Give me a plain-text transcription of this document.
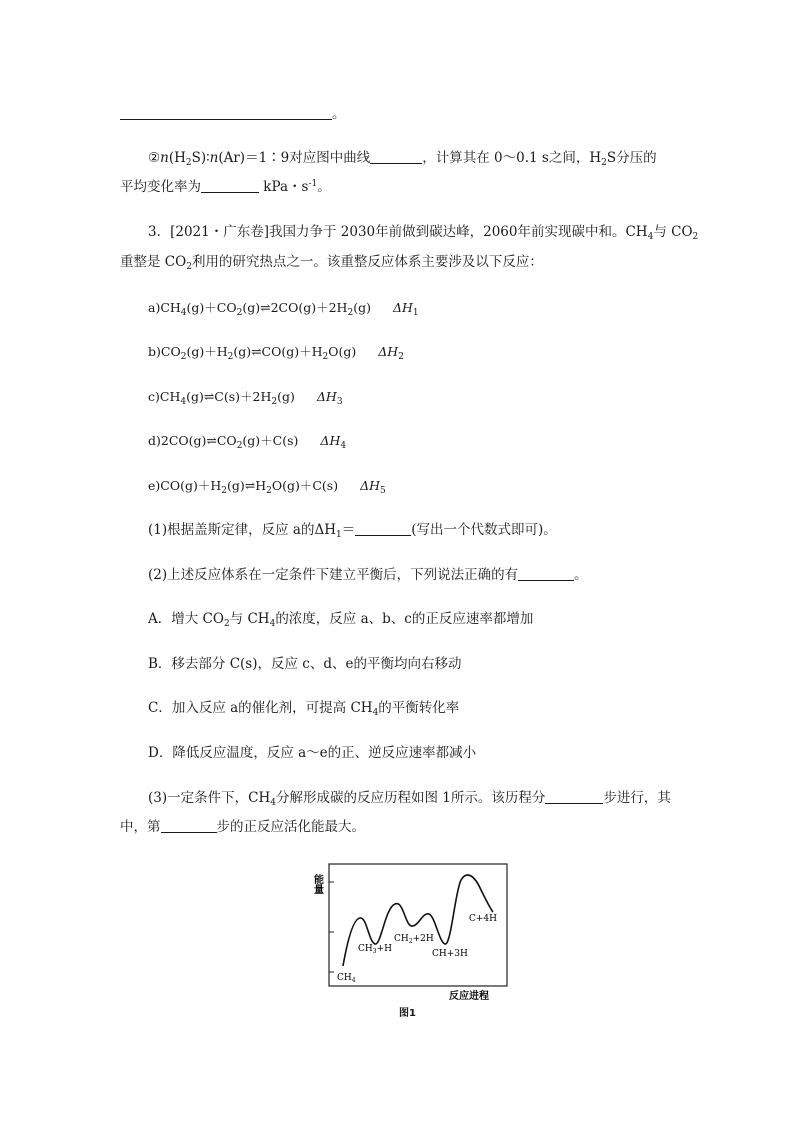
。
$②n(H_2S)∶n(Ar)=1∶9$对应图中曲线	，计算其在 0～0.1 s之间，$H_2S$分压的
平均变化率为	kPa・$s^{-1}$。
3．[2021・广东卷]我国力争于 2030年前做到碳达峰，2060年前实现碳中和。$CH_4$与 $CO_2$
重整是 $CO_2$利用的研究热点之一。该重整反应体系主要涉及以下反应：
$a)CH_4(g)+CO_2(g)\rightleftharpoons 2CO(g)+2H_2(g)$ $\Delta H_1$
$b)CO_2(g)+H_2(g)\rightleftharpoons CO(g)+H_2O(g)$ $\Delta H_2$
$c)CH_4(g)\rightleftharpoons C(s)+2H_2(g)$ $\Delta H_3$
$d)2CO(g)\rightleftharpoons CO_2(g)+C(s)$ $\Delta H_4$
$e)CO(g)+H_2(g)\rightleftharpoons H_2O(g)+C(s)$ $\Delta H_5$
(1)根据盖斯定律，反应 a的$\Delta H_1=$	(写出一个代数式即可)。
(2)上述反应体系在一定条件下建立平衡后，下列说法正确的有	。
A．增大 $CO_2$与 $CH_4$的浓度，反应 a、b、c的正反应速率都增加
B．移去部分 C(s)，反应 c、d、e的平衡均向右移动
C．加入反应 a的催化剂，可提高 $CH_4$的平衡转化率
D．降低反应温度，反应 a～e的正、逆反应速率都减小
(3)一定条件下，$CH_4$分解形成碳的反应历程如图 1所示。该历程分	步进行，其
中，第	步的正反应活化能最大。
能量
$CH_4$
$CH_3+H$
$CH_2+2H$
CH+3H
C+4H
反应进程
图1
